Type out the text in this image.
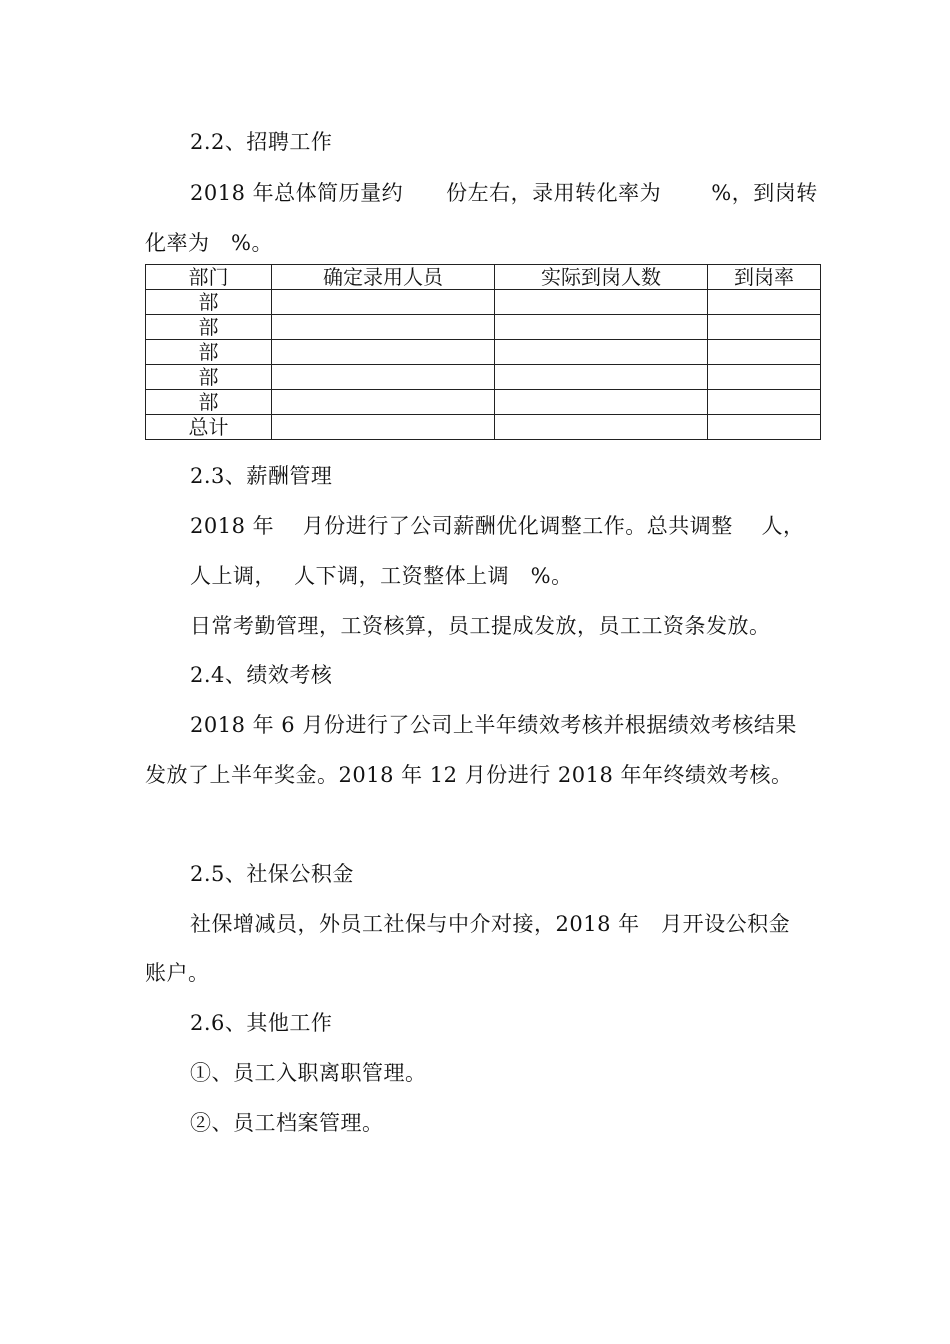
2.2、招聘工作
2018 年总体简历量约　　份左右，录用转化率为　　 %，到岗转
化率为　%。
部门	确定录用人员	实际到岗人数	到岗率
部			
部			
部			
部			
部			
总计			
2.3、薪酬管理
2018 年　 月份进行了公司薪酬优化调整工作。总共调整　 人，
人上调，　 人下调，工资整体上调　%。
日常考勤管理，工资核算，员工提成发放，员工工资条发放。
2.4、绩效考核
2018 年 6 月份进行了公司上半年绩效考核并根据绩效考核结果
发放了上半年奖金。2018 年 12 月份进行 2018 年年终绩效考核。
2.5、社保公积金
社保增减员，外员工社保与中介对接，2018 年　月开设公积金
账户。
2.6、其他工作
①、员工入职离职管理。
②、员工档案管理。
